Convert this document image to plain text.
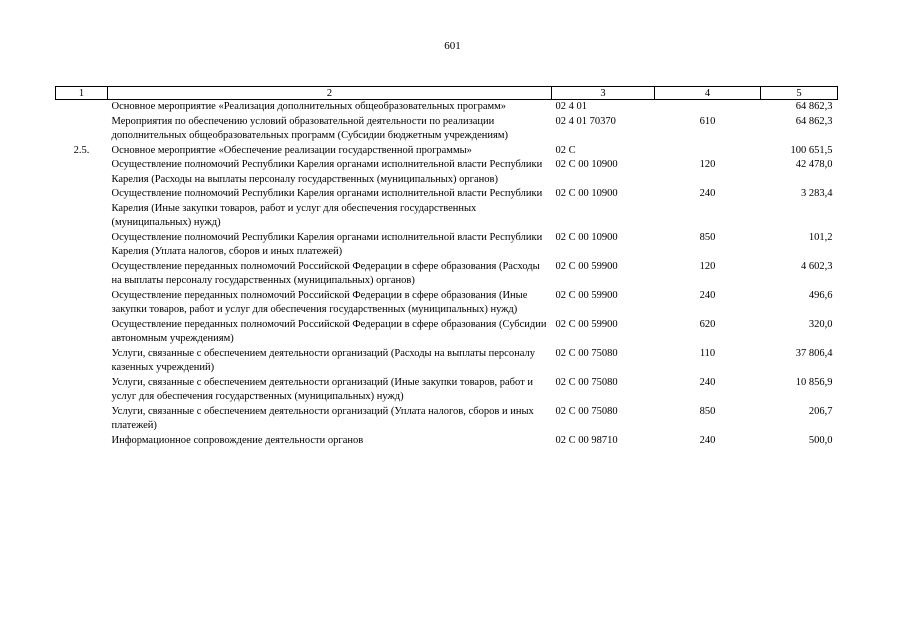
601
1	2	3	4	5
	Основное мероприятие «Реализация дополнительных общеобразовательных программ»	02 4 01		64 862,3
	Мероприятия по обеспечению условий образовательной деятельности по реализации дополнительных общеобразовательных программ (Субсидии бюджетным учреждениям)	02 4 01 70370	610	64 862,3
2.5.	Основное мероприятие «Обеспечение реализации государственной программы»	02 С		100 651,5
	Осуществление полномочий Республики Карелия органами исполнительной власти Республики Карелия (Расходы на выплаты персоналу государственных (муниципальных) органов)	02 С 00 10900	120	42 478,0
	Осуществление полномочий Республики Карелия органами исполнительной власти Республики Карелия (Иные закупки товаров, работ и услуг для обеспечения государственных (муниципальных) нужд)	02 С 00 10900	240	3 283,4
	Осуществление полномочий Республики Карелия органами исполнительной власти Республики Карелия (Уплата налогов, сборов и иных платежей)	02 С 00 10900	850	101,2
	Осуществление переданных полномочий Российской Федерации в сфере образования (Расходы на выплаты персоналу государственных (муниципальных) органов)	02 С 00 59900	120	4 602,3
	Осуществление переданных полномочий Российской Федерации в сфере образования (Иные закупки товаров, работ и услуг для обеспечения государственных (муниципальных) нужд)	02 С 00 59900	240	496,6
	Осуществление переданных полномочий Российской Федерации в сфере образования (Субсидии автономным учреждениям)	02 С 00 59900	620	320,0
	Услуги, связанные с обеспечением деятельности организаций (Расходы на выплаты персоналу казенных учреждений)	02 С 00 75080	110	37 806,4
	Услуги, связанные с обеспечением деятельности организаций (Иные закупки товаров, работ и услуг для обеспечения государственных (муниципальных) нужд)	02 С 00 75080	240	10 856,9
	Услуги, связанные с обеспечением деятельности организаций (Уплата налогов, сборов и иных платежей)	02 С 00 75080	850	206,7
	Информационное сопровождение деятельности органов	02 С 00 98710	240	500,0
